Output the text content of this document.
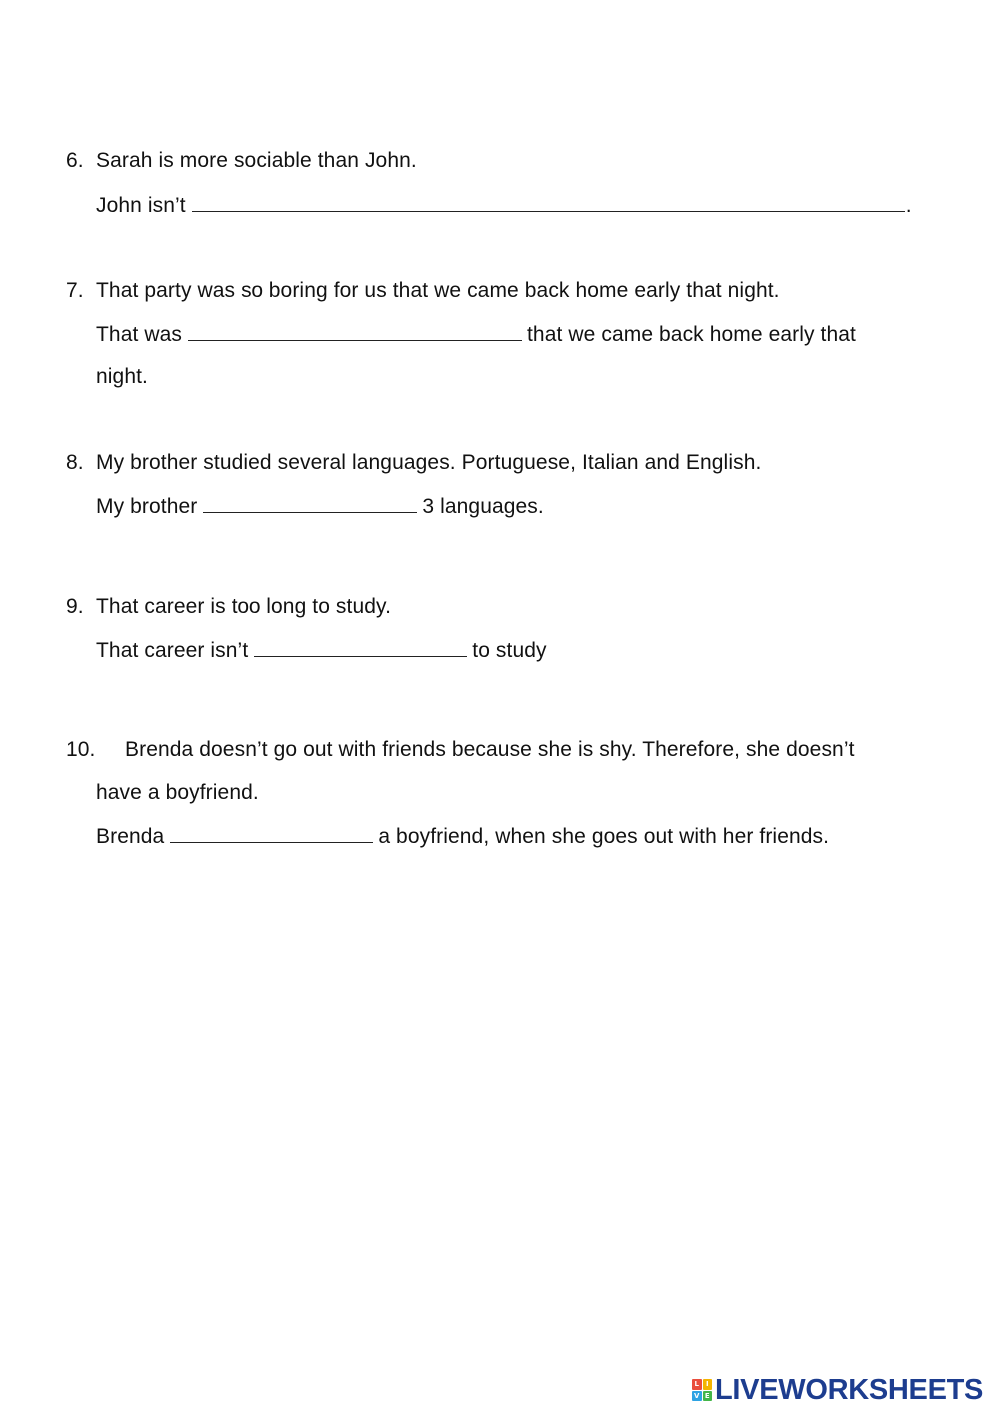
6. Sarah is more sociable than John.
John isn’t	.
7. That party was so boring for us that we came back home early that night.
That was	that we came back home early that
night.
8. My brother studied several languages. Portuguese, Italian and English.
My brother	3 languages.
9. That career is too long to study.
That career isn’t	to study
10. Brenda doesn’t go out with friends because she is shy. Therefore, she doesn’t
have a boyfriend.
Brenda	a boyfriend, when she goes out with her friends.
L I
V E LIVEWORKSHEETS
